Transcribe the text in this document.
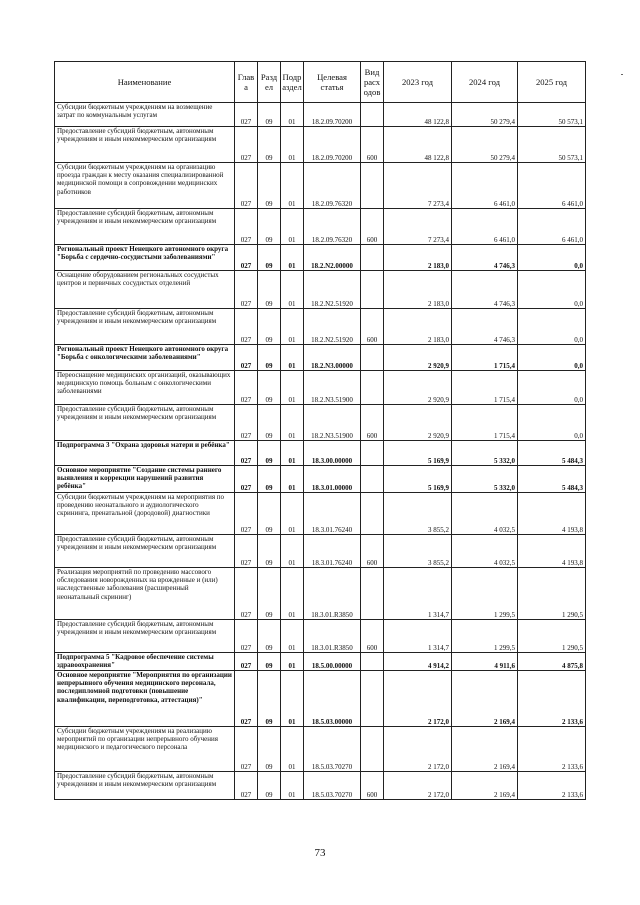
Наименование	Глав а	Разд ел	Подр аздел	Целевая статья	Вид расх одов	2023 год	2024 год	2025 год
Субсидии бюджетным учреждениям на возмещение затрат по коммунальным услугам	027	09	01	18.2.09.70200		48 122,8	50 279,4	50 573,1
Предоставление субсидий бюджетным, автономным учреждениям и иным некоммерческим организациям	027	09	01	18.2.09.70200	600	48 122,8	50 279,4	50 573,1
Субсидии бюджетным учреждениям на организацию проезда граждан к месту оказания специализированной медицинской помощи в сопровождении медицинских работников	027	09	01	18.2.09.76320		7 273,4	6 461,0	6 461,0
Предоставление субсидий бюджетным, автономным учреждениям и иным некоммерческим организациям	027	09	01	18.2.09.76320	600	7 273,4	6 461,0	6 461,0
Региональный проект Ненецкого автономного округа "Борьба с сердечно-сосудистыми заболеваниями"	027	09	01	18.2.N2.00000		2 183,0	4 746,3	0,0
Оснащение оборудованием региональных сосудистых центров и первичных сосудистых отделений	027	09	01	18.2.N2.51920		2 183,0	4 746,3	0,0
Предоставление субсидий бюджетным, автономным учреждениям и иным некоммерческим организациям	027	09	01	18.2.N2.51920	600	2 183,0	4 746,3	0,0
Региональный проект Ненецкого автономного округа "Борьба с онкологическими заболеваниями"	027	09	01	18.2.N3.00000		2 920,9	1 715,4	0,0
Переоснащение медицинских организаций, оказывающих медицинскую помощь больным с онкологическими заболеваниями	027	09	01	18.2.N3.51900		2 920,9	1 715,4	0,0
Предоставление субсидий бюджетным, автономным учреждениям и иным некоммерческим организациям	027	09	01	18.2.N3.51900	600	2 920,9	1 715,4	0,0
Подпрограмма 3 "Охрана здоровья матери и ребёнка"	027	09	01	18.3.00.00000		5 169,9	5 332,0	5 484,3
Основное мероприятие "Создание системы раннего выявления и коррекции нарушений развития ребёнка"	027	09	01	18.3.01.00000		5 169,9	5 332,0	5 484,3
Субсидии бюджетным учреждениям на мероприятия по проведению неонатального и аудиологического скрининга, пренатальной (дородовой) диагностики	027	09	01	18.3.01.76240		3 855,2	4 032,5	4 193,8
Предоставление субсидий бюджетным, автономным учреждениям и иным некоммерческим организациям	027	09	01	18.3.01.76240	600	3 855,2	4 032,5	4 193,8
Реализация мероприятий по проведению массового обследования новорожденных на врожденные и (или) наследственные заболевания (расширенный неонатальный скрининг)	027	09	01	18.3.01.R3850		1 314,7	1 299,5	1 290,5
Предоставление субсидий бюджетным, автономным учреждениям и иным некоммерческим организациям	027	09	01	18.3.01.R3850	600	1 314,7	1 299,5	1 290,5
Подпрограмма 5 "Кадровое обеспечение системы здравоохранения"	027	09	01	18.5.00.00000		4 914,2	4 911,6	4 875,8
Основное мероприятие "Мероприятия по организации непрерывного обучения медицинского персонала, последипломной подготовки (повышение квалификации, переподготовка, аттестация)"	027	09	01	18.5.03.00000		2 172,0	2 169,4	2 133,6
Субсидии бюджетным учреждениям на реализацию мероприятий по организации непрерывного обучения медицинского и педагогического персонала	027	09	01	18.5.03.70270		2 172,0	2 169,4	2 133,6
Предоставление субсидий бюджетным, автономным учреждениям и иным некоммерческим организациям	027	09	01	18.5.03.70270	600	2 172,0	2 169,4	2 133,6
73
